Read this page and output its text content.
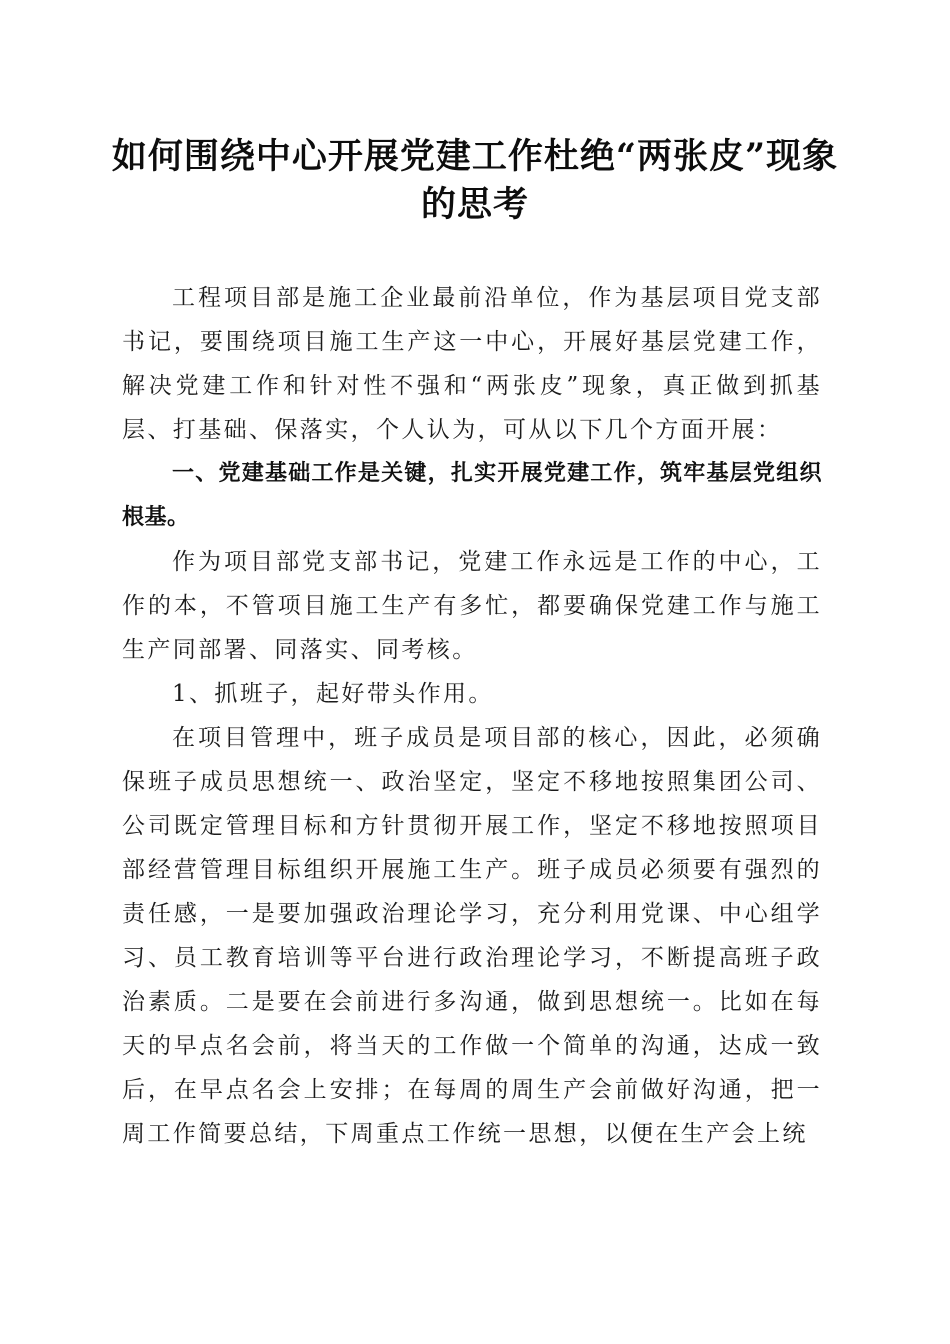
如何围绕中心开展党建工作杜绝“两张皮”现象的思考

工程项目部是施工企业最前沿单位，作为基层项目党支部书记，要围绕项目施工生产这一中心，开展好基层党建工作，解决党建工作和针对性不强和“两张皮”现象，真正做到抓基层、打基础、保落实，个人认为，可从以下几个方面开展：

一、党建基础工作是关键，扎实开展党建工作，筑牢基层党组织根基。

作为项目部党支部书记，党建工作永远是工作的中心，工作的本，不管项目施工生产有多忙，都要确保党建工作与施工生产同部署、同落实、同考核。

1、抓班子，起好带头作用。

在项目管理中，班子成员是项目部的核心，因此，必须确保班子成员思想统一、政治坚定，坚定不移地按照集团公司、公司既定管理目标和方针贯彻开展工作，坚定不移地按照项目部经营管理目标组织开展施工生产。班子成员必须要有强烈的责任感，一是要加强政治理论学习，充分利用党课、中心组学习、员工教育培训等平台进行政治理论学习，不断提高班子政治素质。二是要在会前进行多沟通，做到思想统一。比如在每天的早点名会前，将当天的工作做一个简单的沟通，达成一致后，在早点名会上安排；在每周的周生产会前做好沟通，把一周工作简要总结，下周重点工作统一思想，以便在生产会上统
